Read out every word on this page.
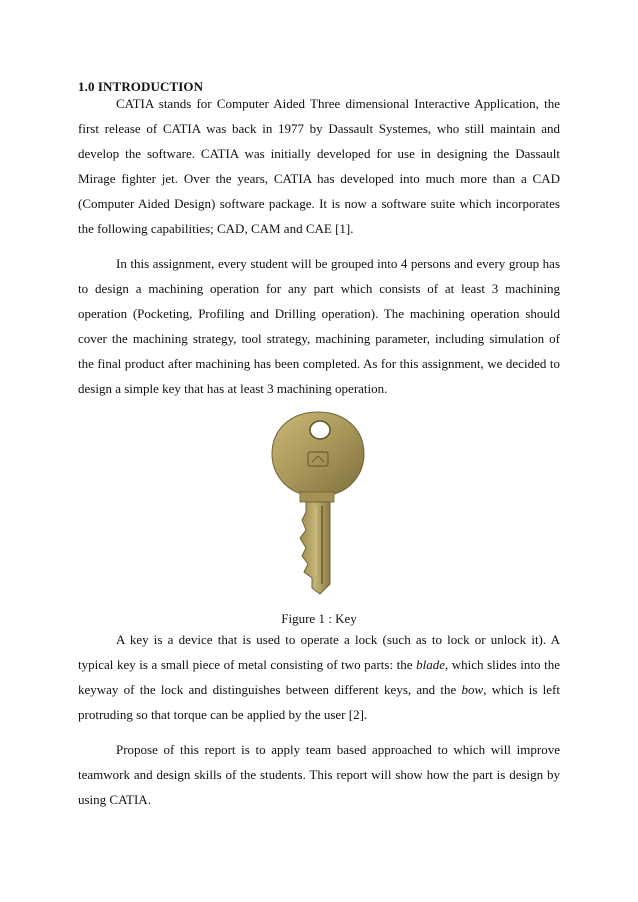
1.0 INTRODUCTION

CATIA stands for Computer Aided Three dimensional Interactive Application, the first release of CATIA was back in 1977 by Dassault Systemes, who still maintain and develop the software. CATIA was initially developed for use in designing the Dassault Mirage fighter jet. Over the years, CATIA has developed into much more than a CAD (Computer Aided Design) software package. It is now a software suite which incorporates the following capabilities; CAD, CAM and CAE [1].

In this assignment, every student will be grouped into 4 persons and every group has to design a machining operation for any part which consists of at least 3 machining operation (Pocketing, Profiling and Drilling operation). The machining operation should cover the machining strategy, tool strategy, machining parameter, including simulation of the final product after machining has been completed. As for this assignment, we decided to design a simple key that has at least 3 machining operation.

Figure 1 : Key

A key is a device that is used to operate a lock (such as to lock or unlock it). A typical key is a small piece of metal consisting of two parts: the blade, which slides into the keyway of the lock and distinguishes between different keys, and the bow, which is left protruding so that torque can be applied by the user [2].

Propose of this report is to apply team based approached to which will improve teamwork and design skills of the students. This report will show how the part is design by using CATIA.
